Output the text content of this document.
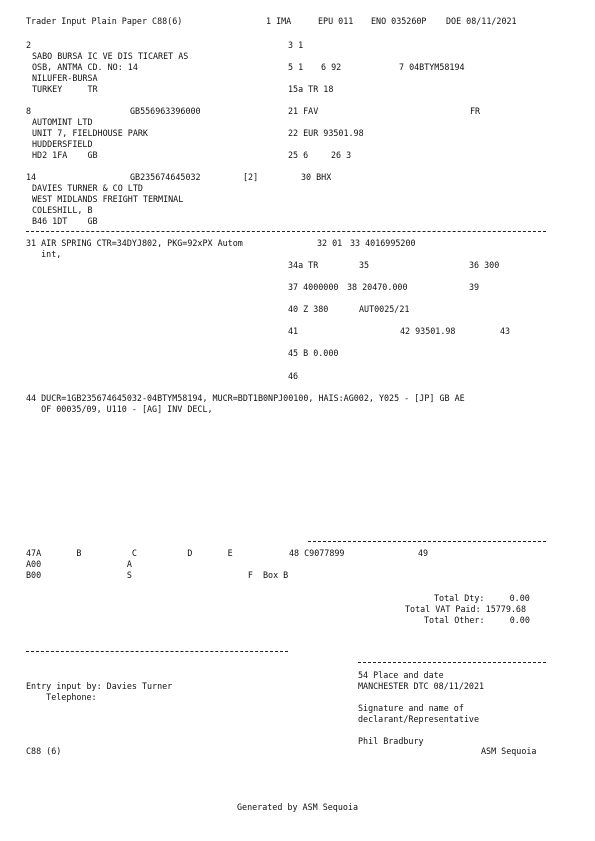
Trader Input Plain Paper C88(6)	1 IMA	EPU 011 ENO 035260P DOE 08/11/2021
2
SABO BURSA IC VE DIS TICARET AS
OSB, ANTMA CD. NO: 14
NILUFER-BURSA
TURKEY     TR
3 1
5 1 6 92	7 04BTYM58194
15a TR 18
8	GB556963396000
AUTOMINT LTD
UNIT 7, FIELDHOUSE PARK
HUDDERSFIELD
HD2 1FA    GB
21 FAV	FR
22 EUR 93501.98
25 6	26 3
14	GB235674645032	[2]	30 BHX
DAVIES TURNER & CO LTD
WEST MIDLANDS FREIGHT TERMINAL
COLESHILL, B
B46 1DT    GB
31 AIR SPRING CTR=34DYJ802, PKG=92xPX Autom
int,
32 01 33 4016995200
34a TR	35	36 300
37 4000000 38 20470.000	39
40 Z 380	AUT0025/21
41	42 93501.98	43
45 B 0.000
46
44 DUCR=1GB235674645032-04BTYM58194, MUCR=BDT1B0NPJ00100, HAIS:AG002, Y025 - [JP] GB AE
OF 00035/09, U110 - [AG] INV DECL,
47A       B          C          D       E	48 C9077899	49
A00                 A
B00                 S                       F  Box B
Total Dty:     0.00
Total VAT Paid: 15779.68
Total Other:     0.00
54 Place and date
MANCHESTER DTC 08/11/2021
Entry input by: Davies Turner
Telephone:
Signature and name of
declarant/Representative
Phil Bradbury
C88 (6)	ASM Sequoia
Generated by ASM Sequoia
